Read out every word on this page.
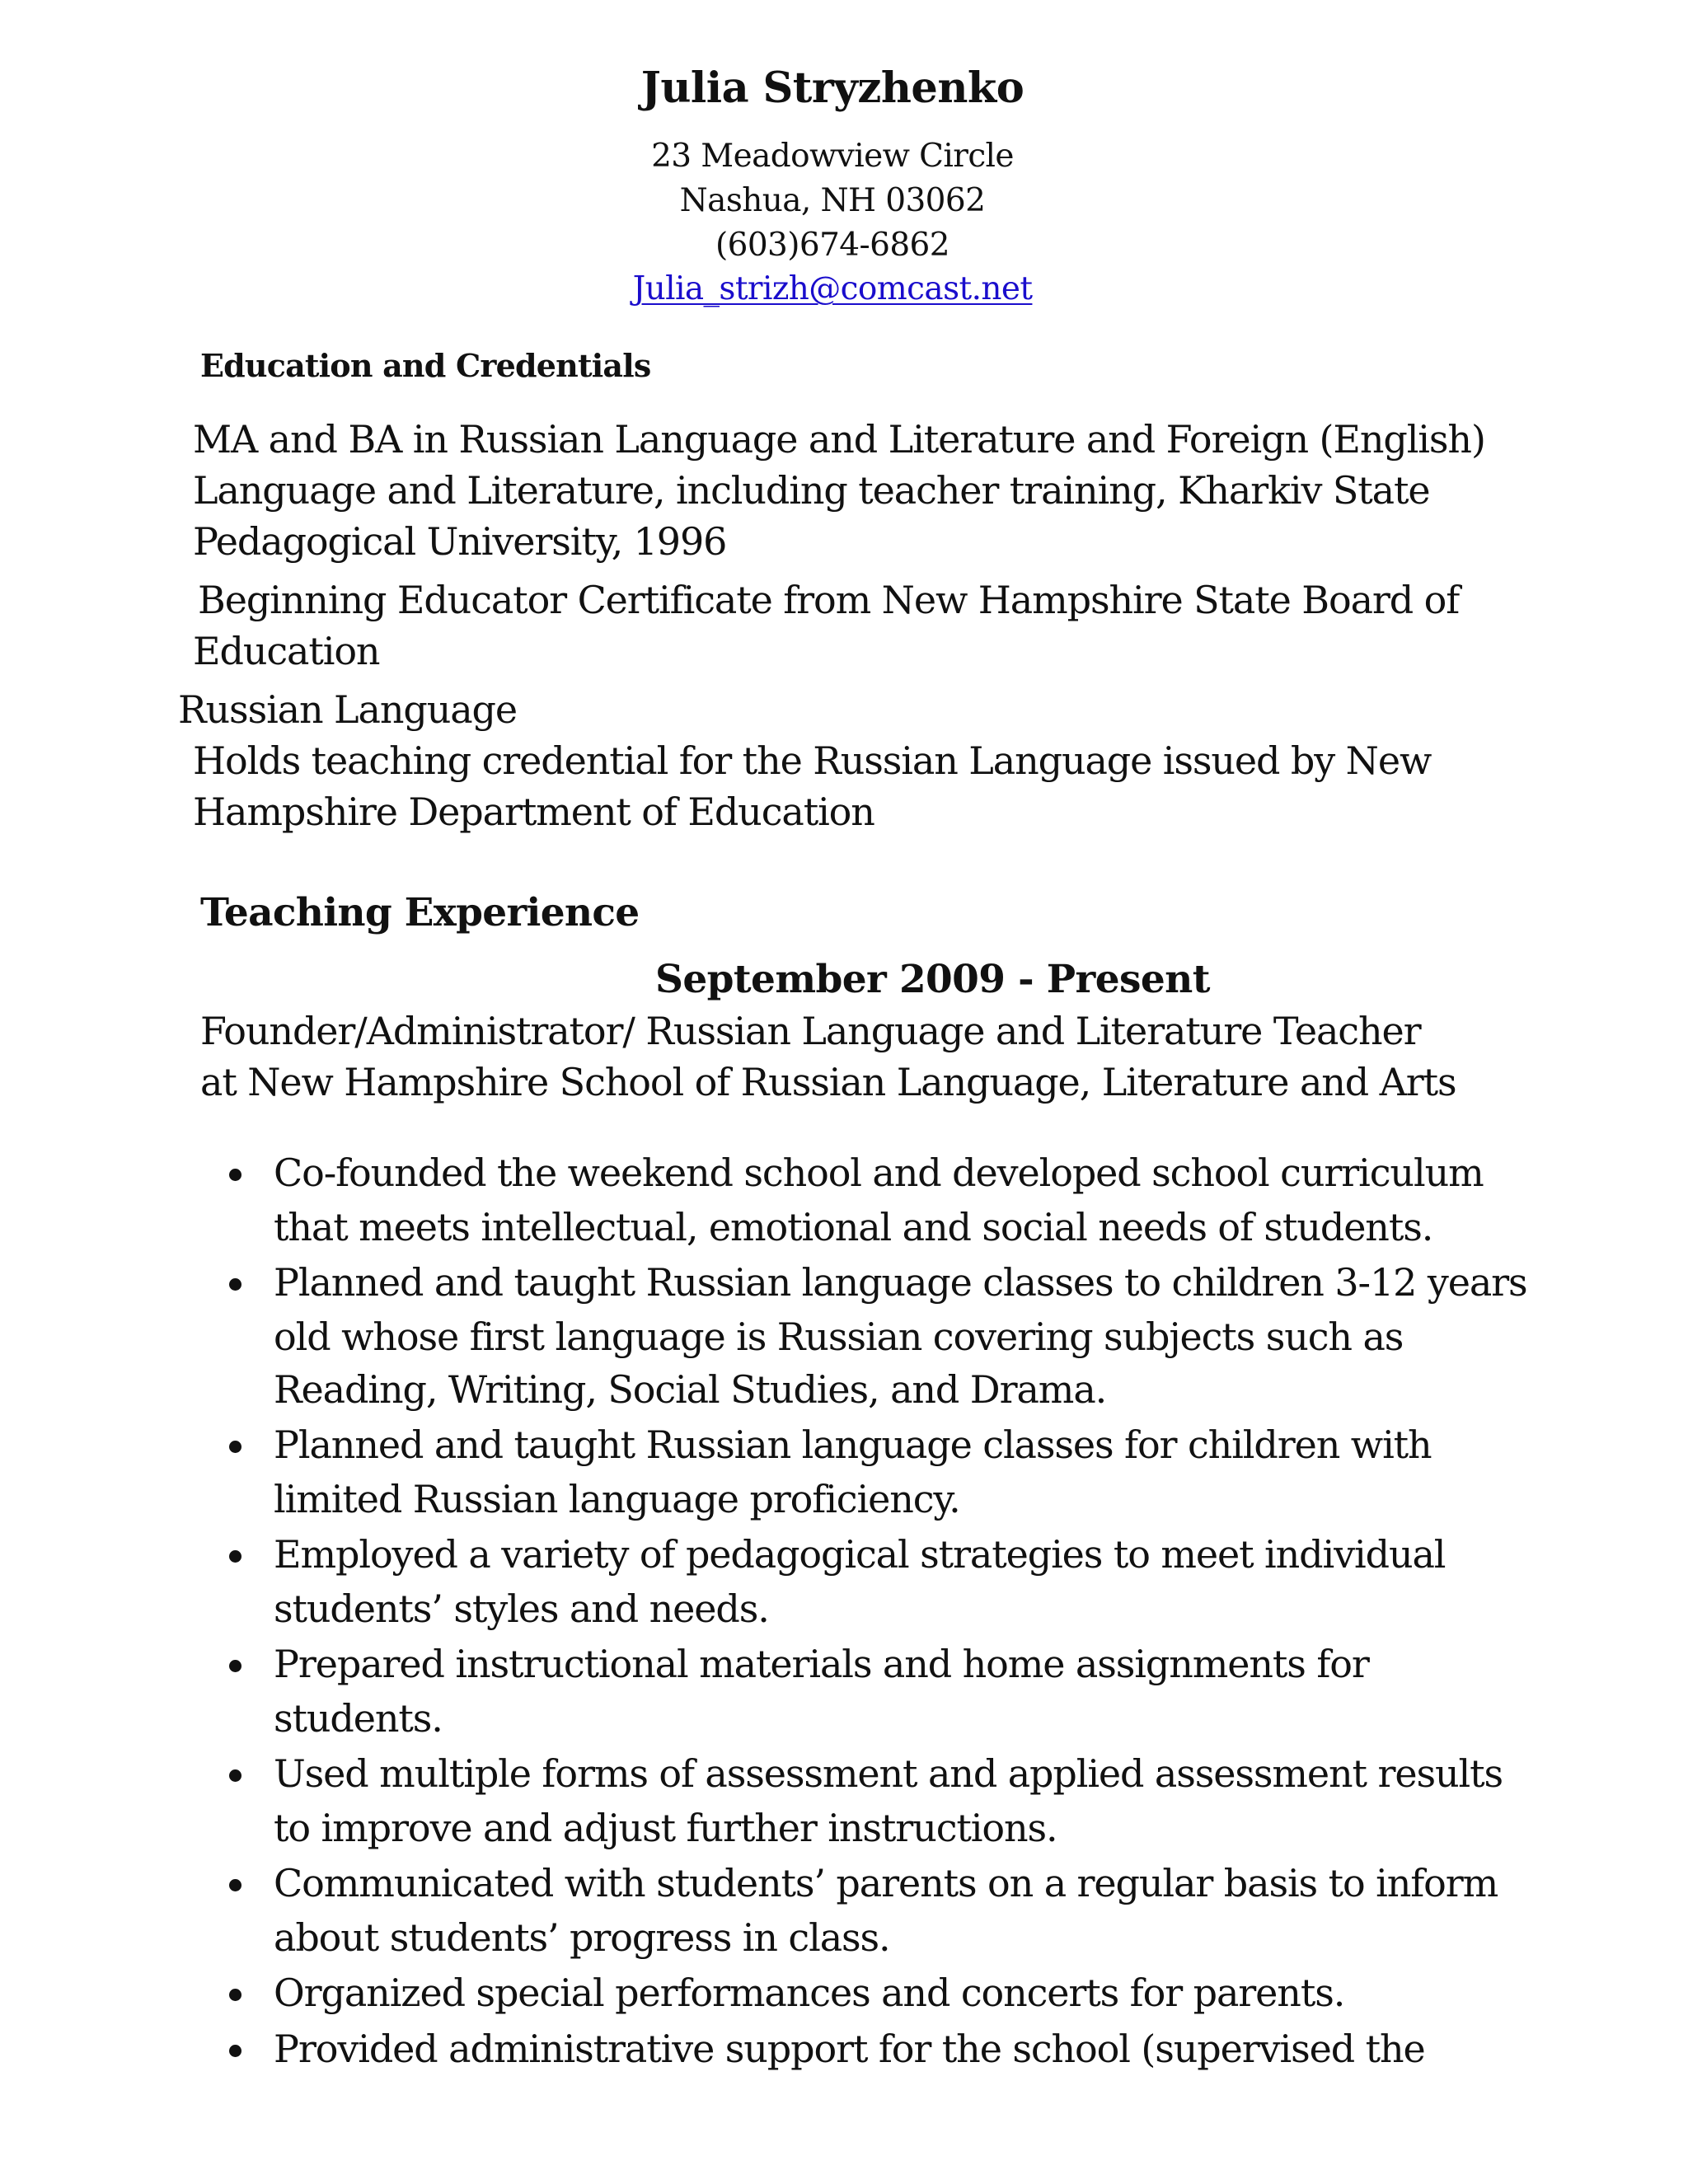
Julia Stryzhenko
23 Meadowview Circle
Nashua, NH 03062
(603)674-6862
Julia_strizh@comcast.net
Education and Credentials
MA and BA in Russian Language and Literature and Foreign (English)
Language and Literature, including teacher training, Kharkiv State
Pedagogical University, 1996
Beginning Educator Certificate from New Hampshire State Board of
Education
Russian Language
Holds teaching credential for the Russian Language issued by New
Hampshire Department of Education
Teaching Experience
September 2009 - Present
Founder/Administrator/ Russian Language and Literature Teacher
at New Hampshire School of Russian Language, Literature and Arts
Co-founded the weekend school and developed school curriculum
that meets intellectual, emotional and social needs of students.
Planned and taught Russian language classes to children 3-12 years
old whose first language is Russian covering subjects such as
Reading, Writing, Social Studies, and Drama.
Planned and taught Russian language classes for children with
limited Russian language proficiency.
Employed a variety of pedagogical strategies to meet individual
students’ styles and needs.
Prepared instructional materials and home assignments for
students.
Used multiple forms of assessment and applied assessment results
to improve and adjust further instructions.
Communicated with students’ parents on a regular basis to inform
about students’ progress in class.
Organized special performances and concerts for parents.
Provided administrative support for the school (supervised the
